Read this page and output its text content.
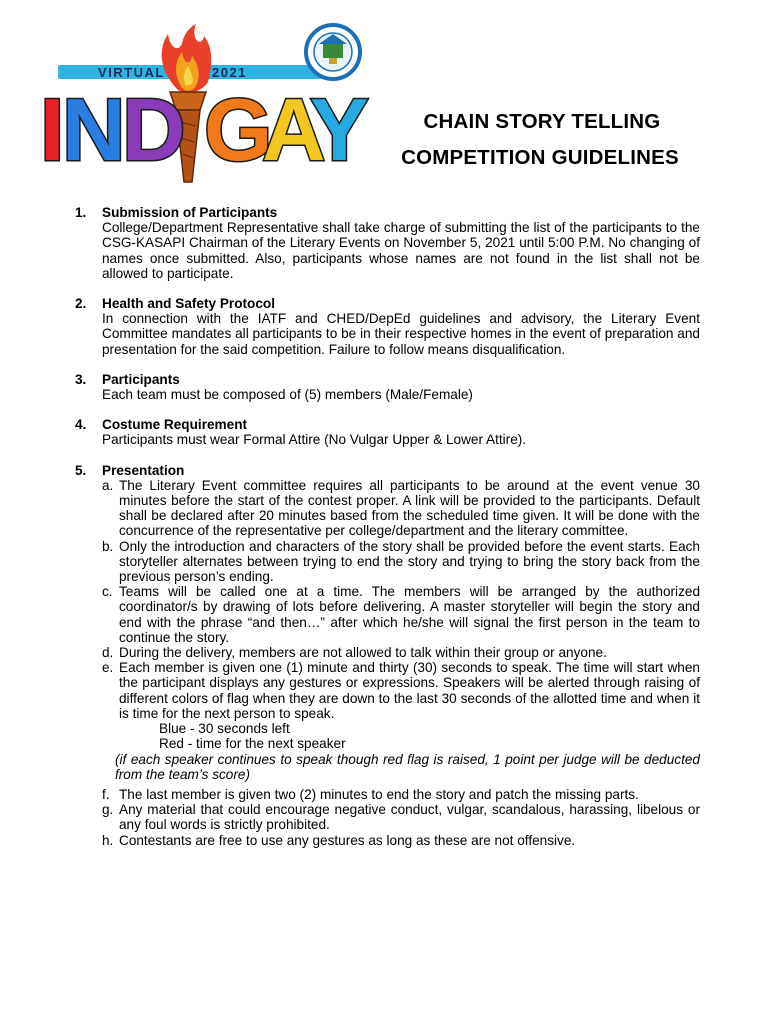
VIRTUAL	2021
I
N
D G
A
Y	CHAIN STORY TELLING
COMPETITION GUIDELINES
1. Submission of Participants
College/Department Representative shall take charge of submitting the list of the participants to the CSG-KASAPI Chairman of the Literary Events on November 5, 2021 until 5:00 P.M. No changing of names once submitted. Also, participants whose names are not found in the list shall not be allowed to participate.
2. Health and Safety Protocol
In connection with the IATF and CHED/DepEd guidelines and advisory, the Literary Event Committee mandates all participants to be in their respective homes in the event of preparation and presentation for the said competition. Failure to follow means disqualification.
3. Participants
Each team must be composed of (5) members (Male/Female)
4. Costume Requirement
Participants must wear Formal Attire (No Vulgar Upper & Lower Attire).
5. Presentation
a. The Literary Event committee requires all participants to be around at the event venue 30 minutes before the start of the contest proper. A link will be provided to the participants. Default shall be declared after 20 minutes based from the scheduled time given. It will be done with the concurrence of the representative per college/department and the literary committee.
b. Only the introduction and characters of the story shall be provided before the event starts. Each storyteller alternates between trying to end the story and trying to bring the story back from the previous person’s ending.
c. Teams will be called one at a time. The members will be arranged by the authorized coordinator/s by drawing of lots before delivering. A master storyteller will begin the story and end with the phrase “and then…” after which he/she will signal the first person in the team to continue the story.
d. During the delivery, members are not allowed to talk within their group or anyone.
e. Each member is given one (1) minute and thirty (30) seconds to speak. The time will start when the participant displays any gestures or expressions. Speakers will be alerted through raising of different colors of flag when they are down to the last 30 seconds of the allotted time and when it is time for the next person to speak.
Blue - 30 seconds left
Red - time for the next speaker
(if each speaker continues to speak though red flag is raised, 1 point per judge will be deducted from the team’s score)
f. The last member is given two (2) minutes to end the story and patch the missing parts.
g. Any material that could encourage negative conduct, vulgar, scandalous, harassing, libelous or any foul words is strictly prohibited.
h. Contestants are free to use any gestures as long as these are not offensive.
